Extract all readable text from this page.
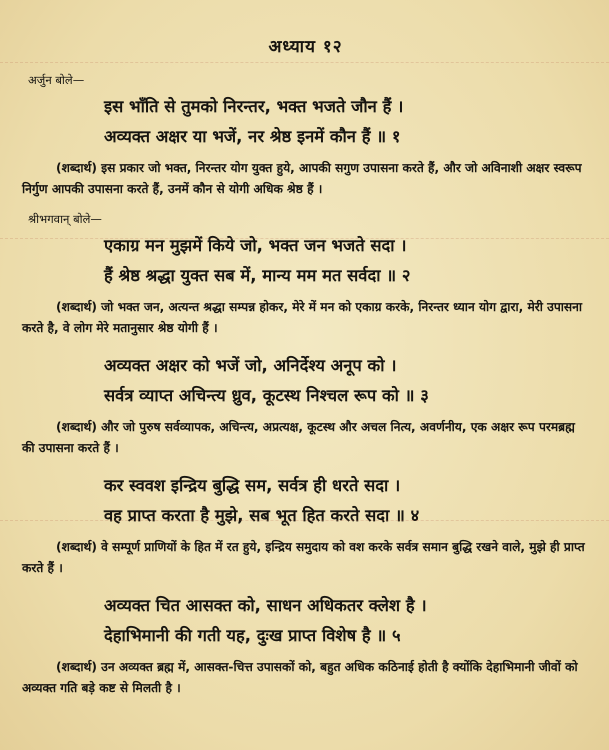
अध्याय १२
अर्जुन बोले—
इस भाँति से तुमको निरन्तर, भक्त भजते जौन हैं ।
अव्यक्त अक्षर या भजें, नर श्रेष्ठ इनमें कौन हैं ॥ १
(शब्दार्थ) इस प्रकार जो भक्त, निरन्तर योग युक्त हुये, आपकी सगुण उपासना करते हैं, और जो अविनाशी अक्षर स्वरूप निर्गुण आपकी उपासना करते हैं, उनमें कौन से योगी अधिक श्रेष्ठ हैं ।
श्रीभगवान् बोले—
एकाग्र मन मुझमें किये जो, भक्त जन भजते सदा ।
हैं श्रेष्ठ श्रद्धा युक्त सब में, मान्य मम मत सर्वदा ॥ २
(शब्दार्थ) जो भक्त जन, अत्यन्त श्रद्धा सम्पन्न होकर, मेरे में मन को एकाग्र करके, निरन्तर ध्यान योग द्वारा, मेरी उपासना करते है, वे लोग मेरे मतानुसार श्रेष्ठ योगी हैं ।
अव्यक्त अक्षर को भजें जो, अनिर्देश्य अनूप को ।
सर्वत्र व्याप्त अचिन्त्य ध्रुव, कूटस्थ निश्चल रूप को ॥ ३
(शब्दार्थ) और जो पुरुष सर्वव्यापक, अचिन्त्य, अप्रत्यक्ष, कूटस्थ और अचल नित्य, अवर्णनीय, एक अक्षर रूप परमब्रह्म की उपासना करते हैं ।
कर स्ववश इन्द्रिय बुद्धि सम, सर्वत्र ही धरते सदा ।
वह प्राप्त करता है मुझे, सब भूत हित करते सदा ॥ ४
(शब्दार्थ) वे सम्पूर्ण प्राणियों के हित में रत हुये, इन्द्रिय समुदाय को वश करके सर्वत्र समान बुद्धि रखने वाले, मुझे ही प्राप्त करते हैं ।
अव्यक्त चित आसक्त को, साधन अधिकतर क्लेश है ।
देहाभिमानी की गती यह, दुःख प्राप्त विशेष है ॥ ५
(शब्दार्थ) उन अव्यक्त ब्रह्म में, आसक्त-चित्त उपासकों को, बहुत अधिक कठिनाई होती है क्योंकि देहाभिमानी जीवों को अव्यक्त गति बड़े कष्ट से मिलती है ।
